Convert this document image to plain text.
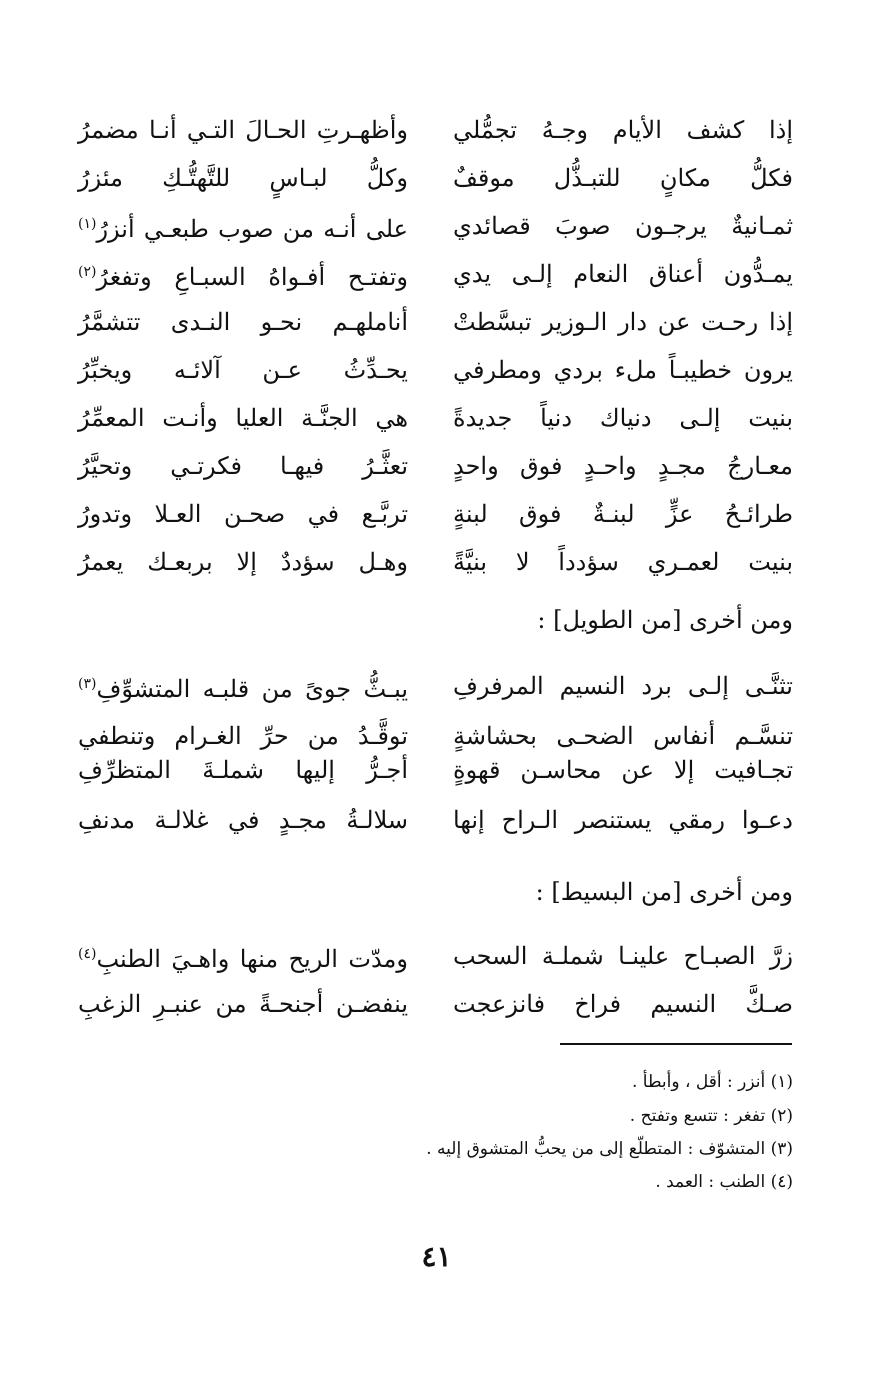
إذا كشف الأيام وجـهُ تجمُّلي
وأظهـرتِ الحـالَ التـي أنـا مضمرُ
فكلُّ مكانٍ للتبـذُّل موقفٌ
وكلُّ لبـاسٍ للتَّهتُّـكِ مئزرُ
ثمـانيةٌ يرجـون صوبَ قصائدي
على أنـه من صوب طبعـي أنزرُ$^{(١)}$
يمـدُّون أعناق النعام إلـى يدي
وتفتـح أفـواهُ السبـاعِ وتفغرُ$^{(٢)}$
إذا رحـت عن دار الـوزير تبسَّطتْ
أناملهـم نحـو النـدى تتشمَّرُ
يرون خطيبـاً ملء بردي ومطرفي
يحـدِّثُ عـن آلائـه ويخبِّرُ
بنيت إلـى دنياك دنياً جديدةً
هي الجنَّـة العليا وأنـت المعمِّرُ
معـارجُ مجـدٍ واحـدٍ فوق واحدٍ
تعثَّـرُ فيهـا فكرتـي وتحيَّرُ
طرائـحُ عزٍّ لبنـةٌ فوق لبنةٍ
تربَّـع في صحـن العـلا وتدورُ
بنيت لعمـري سؤدداً لا بنيَّةً
وهـل سؤددٌ إلا بربعـك يعمرُ
ومن أخرى [من الطويل] :
تثنَّـى إلـى برد النسيم المرفرفِ
يبـثُّ جوىً من قلبـه المتشوِّفِ$^{(٣)}$
تنسَّـم أنفاس الضحـى بحشاشةٍ
توقَّـدُ من حرِّ الغـرام وتنطفي
تجـافيت إلا عن محاسـن قهوةٍ
أجـرُّ إليها شملـةَ المتظرِّفِ
دعـوا رمقي يستنصر الـراح إنها
سلالـةُ مجـدٍ في غلالـة مدنفِ
ومن أخرى [من البسيط] :
زرَّ الصبـاح علينـا شملـة السحب
ومدّت الريح منها واهـيَ الطنبِ$^{(٤)}$
صـكَّ النسيم فراخ فانزعجت
ينفضـن أجنحـةً من عنبـرِ الزغبِ
(١) أنزر : أقل ، وأبطأ .
(٢) تفغر : تتسع وتفتح .
(٣) المتشوّف : المتطلّع إلى من يحبُّ المتشوق إليه .
(٤) الطنب : العمد .
٤١
